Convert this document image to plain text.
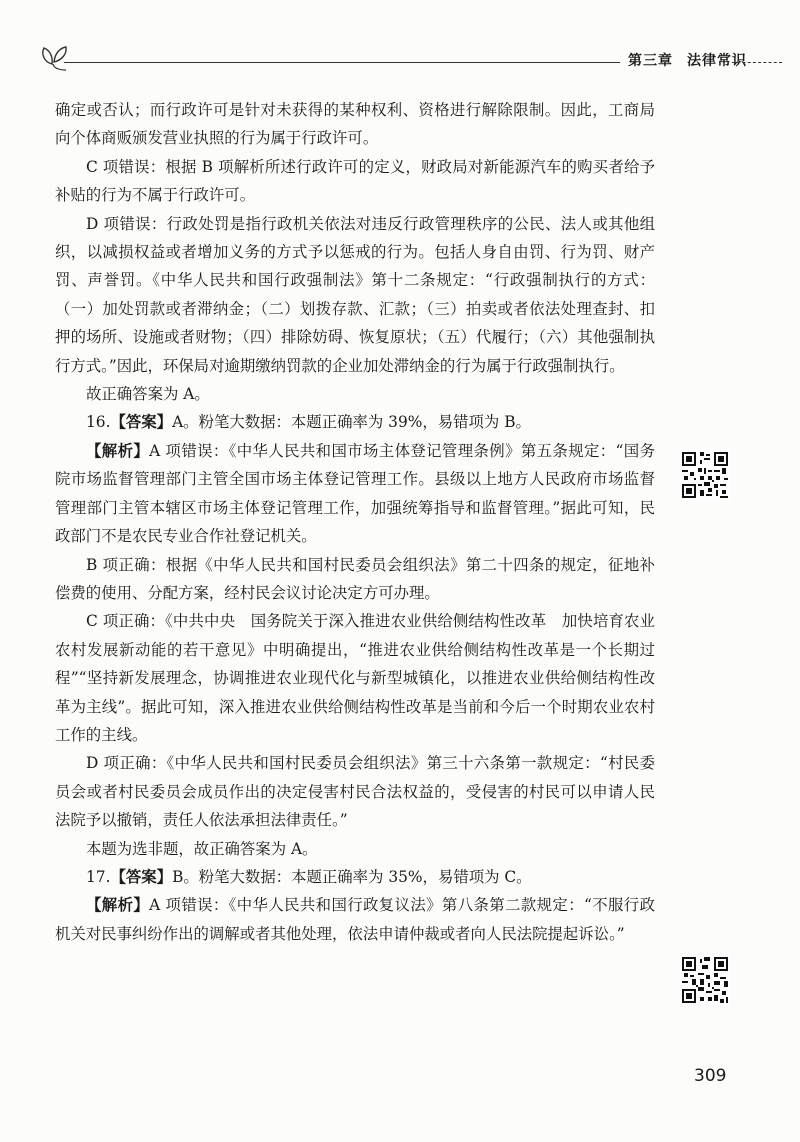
第三章 法律常识

确定或否认；而行政许可是针对未获得的某种权利、资格进行解除限制。因此，工商局向个体商贩颁发营业执照的行为属于行政许可。

C 项错误：根据 B 项解析所述行政许可的定义，财政局对新能源汽车的购买者给予补贴的行为不属于行政许可。

D 项错误：行政处罚是指行政机关依法对违反行政管理秩序的公民、法人或其他组织，以减损权益或者增加义务的方式予以惩戒的行为。包括人身自由罚、行为罚、财产罚、声誉罚。《中华人民共和国行政强制法》第十二条规定：“行政强制执行的方式：（一）加处罚款或者滞纳金；（二）划拨存款、汇款；（三）拍卖或者依法处理查封、扣押的场所、设施或者财物；（四）排除妨碍、恢复原状；（五）代履行；（六）其他强制执行方式。”因此，环保局对逾期缴纳罚款的企业加处滞纳金的行为属于行政强制执行。

故正确答案为 A。

16.【答案】A。粉笔大数据：本题正确率为 39%，易错项为 B。

【解析】A 项错误：《中华人民共和国市场主体登记管理条例》第五条规定：“国务院市场监督管理部门主管全国市场主体登记管理工作。县级以上地方人民政府市场监督管理部门主管本辖区市场主体登记管理工作，加强统筹指导和监督管理。”据此可知，民政部门不是农民专业合作社登记机关。

B 项正确：根据《中华人民共和国村民委员会组织法》第二十四条的规定，征地补偿费的使用、分配方案，经村民会议讨论决定方可办理。

C 项正确：《中共中央　国务院关于深入推进农业供给侧结构性改革　加快培育农业农村发展新动能的若干意见》中明确提出，“推进农业供给侧结构性改革是一个长期过程”“坚持新发展理念，协调推进农业现代化与新型城镇化，以推进农业供给侧结构性改革为主线”。据此可知，深入推进农业供给侧结构性改革是当前和今后一个时期农业农村工作的主线。

D 项正确：《中华人民共和国村民委员会组织法》第三十六条第一款规定：“村民委员会或者村民委员会成员作出的决定侵害村民合法权益的，受侵害的村民可以申请人民法院予以撤销，责任人依法承担法律责任。”

本题为选非题，故正确答案为 A。

17.【答案】B。粉笔大数据：本题正确率为 35%，易错项为 C。

【解析】A 项错误：《中华人民共和国行政复议法》第八条第二款规定：“不服行政机关对民事纠纷作出的调解或者其他处理，依法申请仲裁或者向人民法院提起诉讼。”

309
